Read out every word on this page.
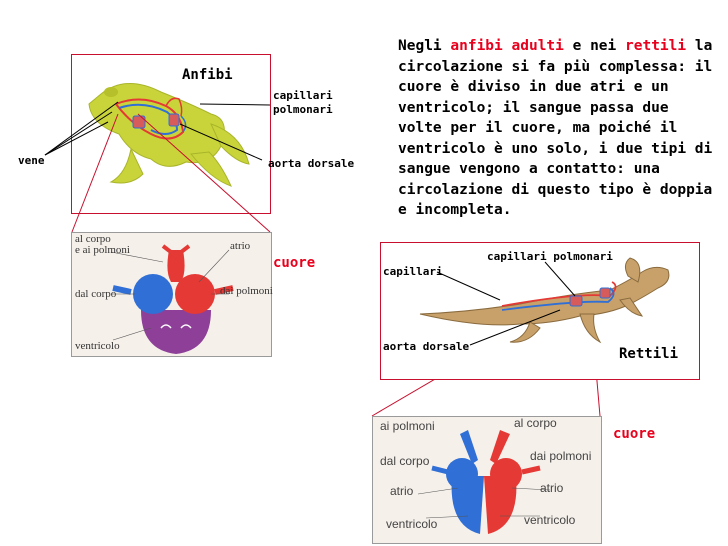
Negli anfibi adulti e nei rettili la circolazione si fa più complessa: il cuore è diviso in due atri e un ventricolo; il sangue passa due volte per il cuore, ma poiché il ventricolo è uno solo, i due tipi di sangue vengono a contatto: una circolazione di questo tipo è doppia e incompleta.
Anfibi
capillari
polmonari
vene	aorta dorsale
al corpo
e ai polmoni	atrio
dal corpo	dai polmoni
ventricolo
cuore	capillari polmonari
capillari
aorta dorsale	Rettili
ai polmoni	al corpo
dal corpo	dai polmoni
atrio	atrio
ventricolo	ventricolo
cuore
